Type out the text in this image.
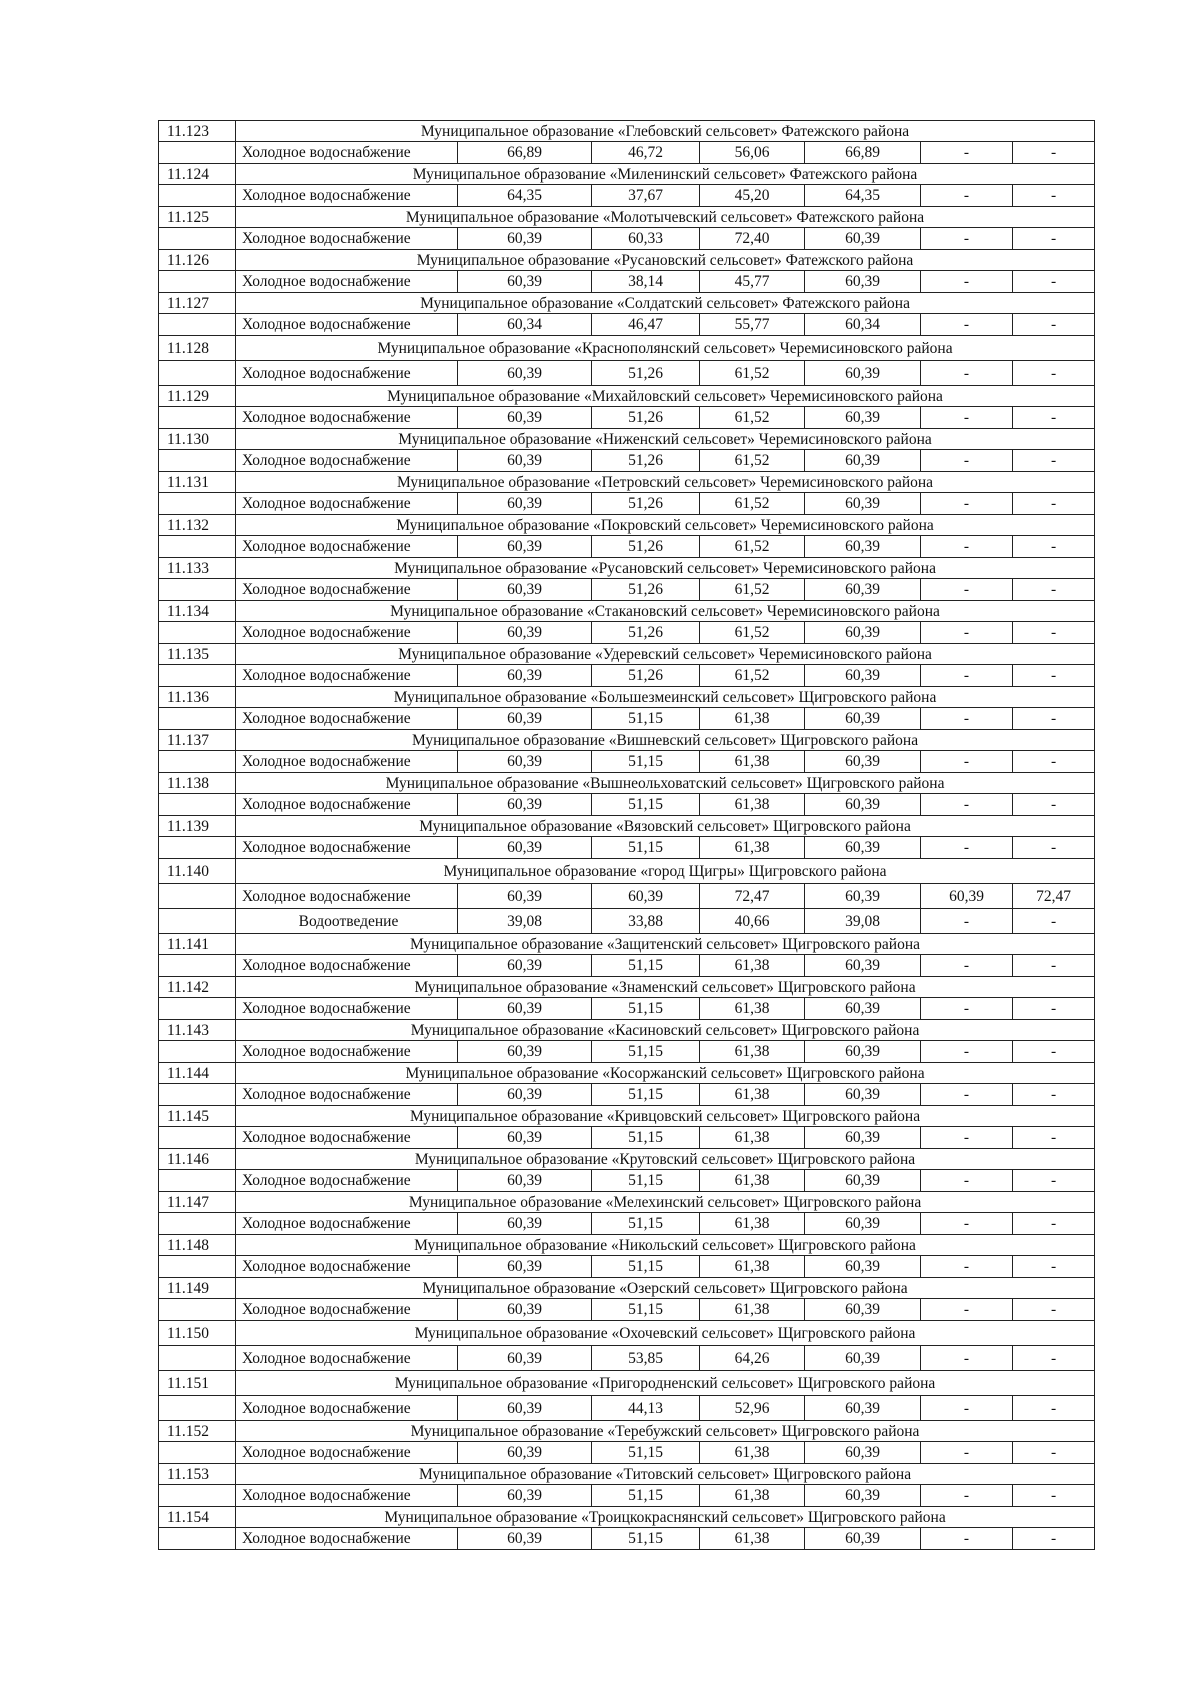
11.123	Муниципальное образование «Глебовский сельсовет» Фатежского района						
	Холодное водоснабжение	66,89	46,72	56,06	66,89	-	-
11.124	Муниципальное образование «Миленинский сельсовет» Фатежского района						
	Холодное водоснабжение	64,35	37,67	45,20	64,35	-	-
11.125	Муниципальное образование «Молотычевский сельсовет» Фатежского района						
	Холодное водоснабжение	60,39	60,33	72,40	60,39	-	-
11.126	Муниципальное образование «Русановский сельсовет» Фатежского района						
	Холодное водоснабжение	60,39	38,14	45,77	60,39	-	-
11.127	Муниципальное образование «Солдатский сельсовет» Фатежского района						
	Холодное водоснабжение	60,34	46,47	55,77	60,34	-	-
11.128	Муниципальное образование «Краснополянский сельсовет» Черемисиновского района						
	Холодное водоснабжение	60,39	51,26	61,52	60,39	-	-
11.129	Муниципальное образование «Михайловский сельсовет» Черемисиновского района						
	Холодное водоснабжение	60,39	51,26	61,52	60,39	-	-
11.130	Муниципальное образование «Ниженский сельсовет» Черемисиновского района						
	Холодное водоснабжение	60,39	51,26	61,52	60,39	-	-
11.131	Муниципальное образование «Петровский сельсовет» Черемисиновского района						
	Холодное водоснабжение	60,39	51,26	61,52	60,39	-	-
11.132	Муниципальное образование «Покровский сельсовет» Черемисиновского района						
	Холодное водоснабжение	60,39	51,26	61,52	60,39	-	-
11.133	Муниципальное образование «Русановский сельсовет» Черемисиновского района						
	Холодное водоснабжение	60,39	51,26	61,52	60,39	-	-
11.134	Муниципальное образование «Стакановский сельсовет» Черемисиновского района						
	Холодное водоснабжение	60,39	51,26	61,52	60,39	-	-
11.135	Муниципальное образование «Удеревский сельсовет» Черемисиновского района						
	Холодное водоснабжение	60,39	51,26	61,52	60,39	-	-
11.136	Муниципальное образование «Большезмеинский сельсовет» Щигровского района						
	Холодное водоснабжение	60,39	51,15	61,38	60,39	-	-
11.137	Муниципальное образование «Вишневский сельсовет» Щигровского района						
	Холодное водоснабжение	60,39	51,15	61,38	60,39	-	-
11.138	Муниципальное образование «Вышнеольховатский сельсовет» Щигровского района						
	Холодное водоснабжение	60,39	51,15	61,38	60,39	-	-
11.139	Муниципальное образование «Вязовский сельсовет» Щигровского района						
	Холодное водоснабжение	60,39	51,15	61,38	60,39	-	-
11.140	Муниципальное образование «город Щигры» Щигровского района						
	Холодное водоснабжение	60,39	60,39	72,47	60,39	60,39	72,47
	Водоотведение	39,08	33,88	40,66	39,08	-	-
11.141	Муниципальное образование «Защитенский сельсовет» Щигровского района						
	Холодное водоснабжение	60,39	51,15	61,38	60,39	-	-
11.142	Муниципальное образование «Знаменский сельсовет» Щигровского района						
	Холодное водоснабжение	60,39	51,15	61,38	60,39	-	-
11.143	Муниципальное образование «Касиновский сельсовет» Щигровского района						
	Холодное водоснабжение	60,39	51,15	61,38	60,39	-	-
11.144	Муниципальное образование «Косоржанский сельсовет» Щигровского района						
	Холодное водоснабжение	60,39	51,15	61,38	60,39	-	-
11.145	Муниципальное образование «Кривцовский сельсовет» Щигровского района						
	Холодное водоснабжение	60,39	51,15	61,38	60,39	-	-
11.146	Муниципальное образование «Крутовский сельсовет» Щигровского района						
	Холодное водоснабжение	60,39	51,15	61,38	60,39	-	-
11.147	Муниципальное образование «Мелехинский сельсовет» Щигровского района						
	Холодное водоснабжение	60,39	51,15	61,38	60,39	-	-
11.148	Муниципальное образование «Никольский сельсовет» Щигровского района						
	Холодное водоснабжение	60,39	51,15	61,38	60,39	-	-
11.149	Муниципальное образование «Озерский сельсовет» Щигровского района						
	Холодное водоснабжение	60,39	51,15	61,38	60,39	-	-
11.150	Муниципальное образование «Охочевский сельсовет» Щигровского района						
	Холодное водоснабжение	60,39	53,85	64,26	60,39	-	-
11.151	Муниципальное образование «Пригородненский сельсовет» Щигровского района						
	Холодное водоснабжение	60,39	44,13	52,96	60,39	-	-
11.152	Муниципальное образование «Теребужский сельсовет» Щигровского района						
	Холодное водоснабжение	60,39	51,15	61,38	60,39	-	-
11.153	Муниципальное образование «Титовский сельсовет» Щигровского района						
	Холодное водоснабжение	60,39	51,15	61,38	60,39	-	-
11.154	Муниципальное образование «Троицкокраснянский сельсовет» Щигровского района						
	Холодное водоснабжение	60,39	51,15	61,38	60,39	-	-
